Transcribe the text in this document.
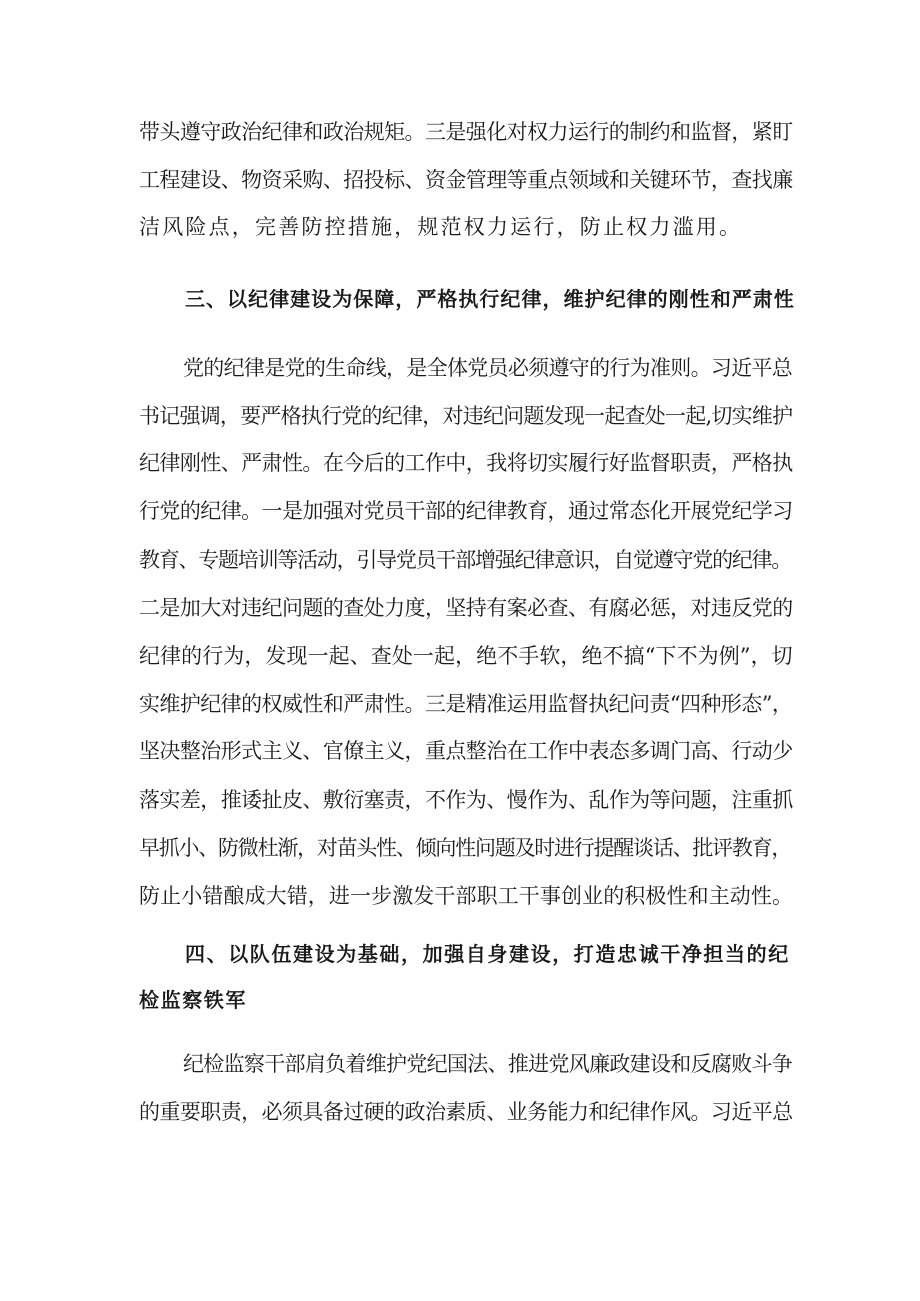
带头遵守政治纪律和政治规矩。三是强化对权力运行的制约和监督，紧盯
工程建设、物资采购、招投标、资金管理等重点领域和关键环节，查找廉
洁风险点，完善防控措施，规范权力运行，防止权力滥用。
三、以纪律建设为保障，严格执行纪律，维护纪律的刚性和严肃性
党的纪律是党的生命线，是全体党员必须遵守的行为准则。习近平总
书记强调，要严格执行党的纪律，对违纪问题发现一起查处一起,切实维护
纪律刚性、严肃性。在今后的工作中，我将切实履行好监督职责，严格执
行党的纪律。一是加强对党员干部的纪律教育，通过常态化开展党纪学习
教育、专题培训等活动，引导党员干部增强纪律意识，自觉遵守党的纪律。
二是加大对违纪问题的查处力度，坚持有案必查、有腐必惩，对违反党的
纪律的行为，发现一起、查处一起，绝不手软，绝不搞“下不为例”，切
实维护纪律的权威性和严肃性。三是精准运用监督执纪问责“四种形态”，
坚决整治形式主义、官僚主义，重点整治在工作中表态多调门高、行动少
落实差，推诿扯皮、敷衍塞责，不作为、慢作为、乱作为等问题，注重抓
早抓小、防微杜渐，对苗头性、倾向性问题及时进行提醒谈话、批评教育，
防止小错酿成大错，进一步激发干部职工干事创业的积极性和主动性。
四、以队伍建设为基础，加强自身建设，打造忠诚干净担当的纪
检监察铁军
纪检监察干部肩负着维护党纪国法、推进党风廉政建设和反腐败斗争
的重要职责，必须具备过硬的政治素质、业务能力和纪律作风。习近平总
